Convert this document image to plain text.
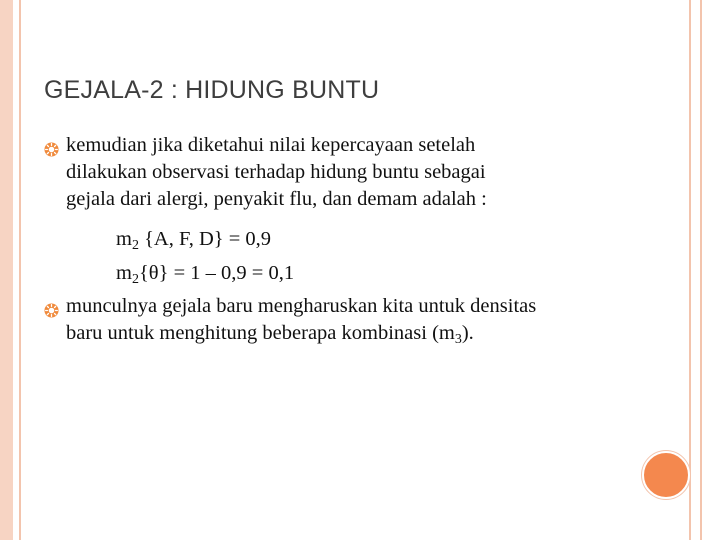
GEJALA-2 : HIDUNG BUNTU
kemudian jika diketahui nilai kepercayaan setelah
dilakukan observasi terhadap hidung buntu sebagai
gejala dari alergi, penyakit flu, dan demam adalah :
m2 {A, F, D} = 0,9
m2{θ} = 1 – 0,9 = 0,1
munculnya gejala baru mengharuskan kita untuk densitas
baru untuk menghitung beberapa kombinasi (m3).
